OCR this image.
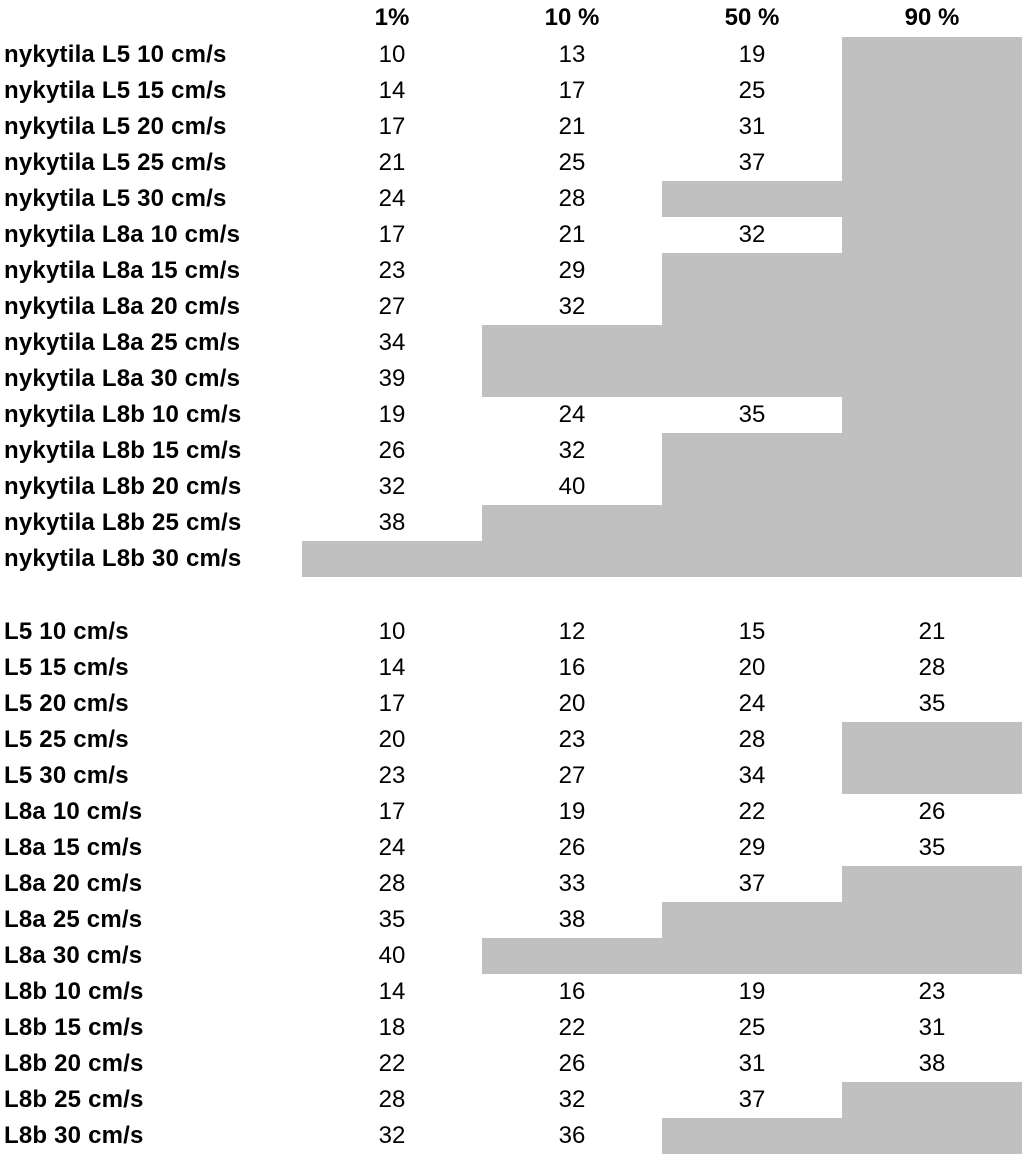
1%	10 %	50 %	90 %
nykytila L5 10 cm/s	10	13	19
nykytila L5 15 cm/s	14	17	25
nykytila L5 20 cm/s	17	21	31
nykytila L5 25 cm/s	21	25	37
nykytila L5 30 cm/s	24	28
nykytila L8a 10 cm/s	17	21	32
nykytila L8a 15 cm/s	23	29
nykytila L8a 20 cm/s	27	32
nykytila L8a 25 cm/s	34
nykytila L8a 30 cm/s	39
nykytila L8b 10 cm/s	19	24	35
nykytila L8b 15 cm/s	26	32
nykytila L8b 20 cm/s	32	40
nykytila L8b 25 cm/s	38
nykytila L8b 30 cm/s
L5 10 cm/s	10	12	15	21
L5 15 cm/s	14	16	20	28
L5 20 cm/s	17	20	24	35
L5 25 cm/s	20	23	28
L5 30 cm/s	23	27	34
L8a 10 cm/s	17	19	22	26
L8a 15 cm/s	24	26	29	35
L8a 20 cm/s	28	33	37
L8a 25 cm/s	35	38
L8a 30 cm/s	40
L8b 10 cm/s	14	16	19	23
L8b 15 cm/s	18	22	25	31
L8b 20 cm/s	22	26	31	38
L8b 25 cm/s	28	32	37
L8b 30 cm/s	32	36
